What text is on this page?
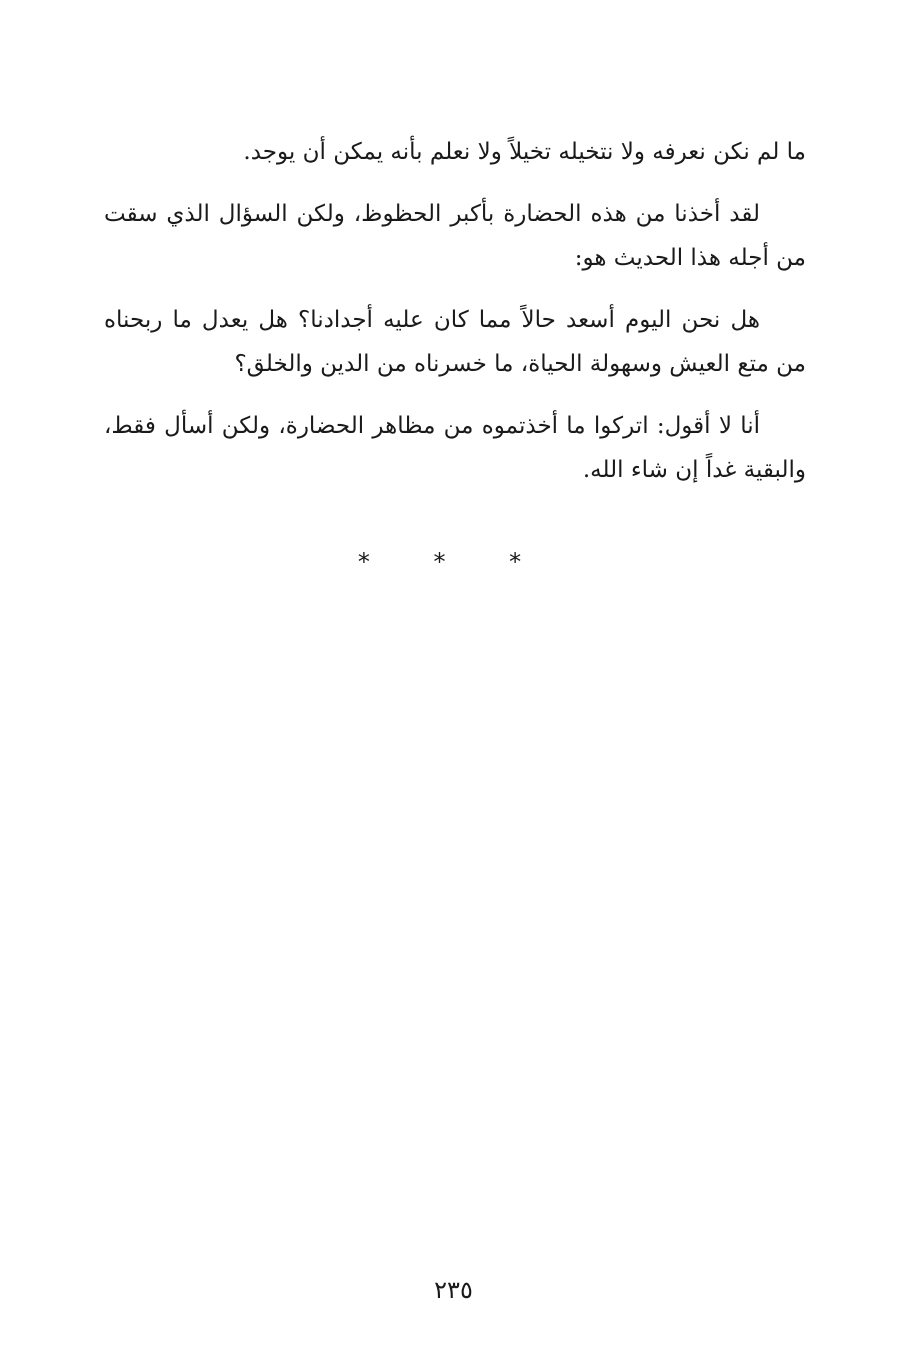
ما لم نكن نعرفه ولا نتخيله تخيلاً ولا نعلم بأنه يمكن أن يوجد.

لقد أخذنا من هذه الحضارة بأكبر الحظوظ، ولكن السؤال الذي سقت من أجله هذا الحديث هو:

هل نحن اليوم أسعد حالاً مما كان عليه أجدادنا؟ هل يعدل ما ربحناه من متع العيش وسهولة الحياة، ما خسرناه من الدين والخلق؟

أنا لا أقول: اتركوا ما أخذتموه من مظاهر الحضارة، ولكن أسأل فقط، والبقية غداً إن شاء الله.

* * *
٢٣٥
